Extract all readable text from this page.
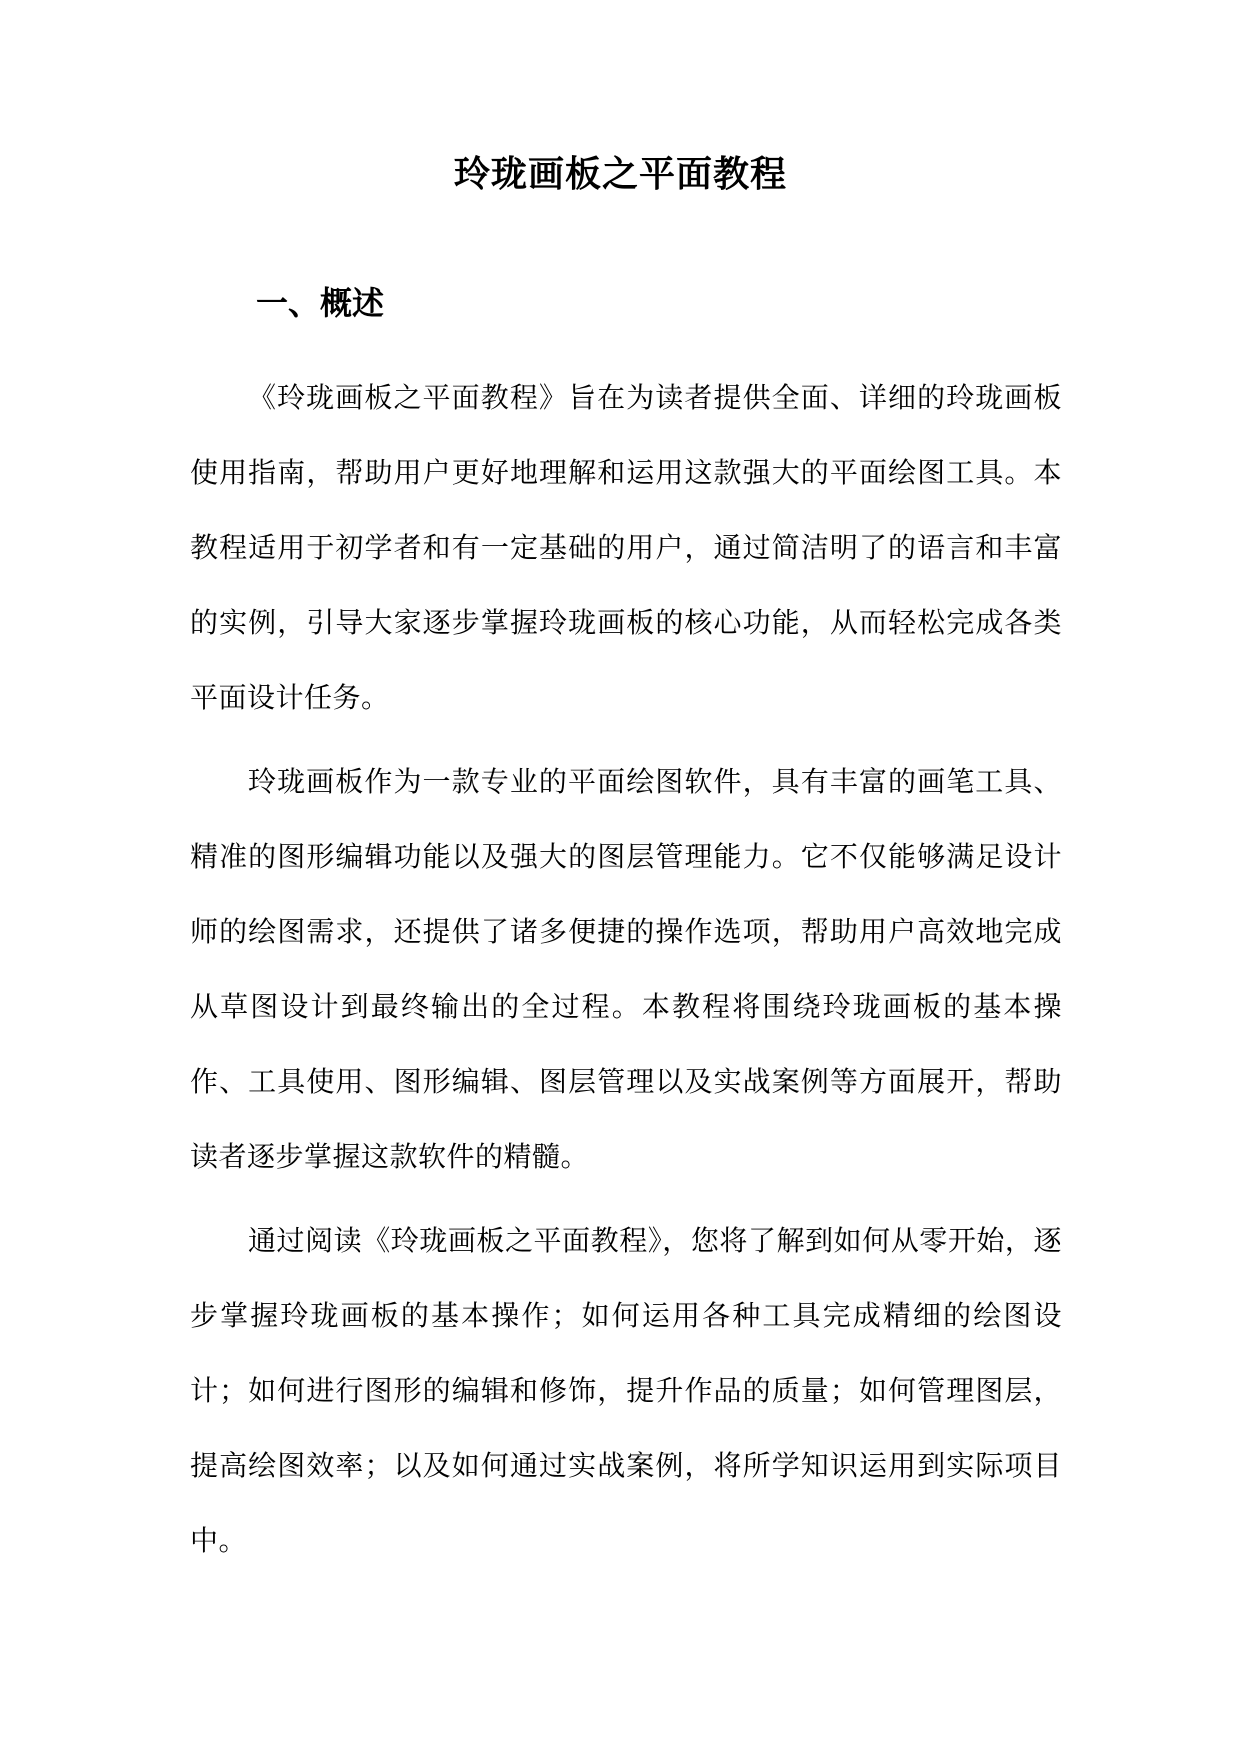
玲珑画板之平面教程
一、概述

《玲珑画板之平面教程》旨在为读者提供全面、详细的玲珑画板使用指南，帮助用户更好地理解和运用这款强大的平面绘图工具。本教程适用于初学者和有一定基础的用户，通过简洁明了的语言和丰富的实例，引导大家逐步掌握玲珑画板的核心功能，从而轻松完成各类平面设计任务。

玲珑画板作为一款专业的平面绘图软件，具有丰富的画笔工具、精准的图形编辑功能以及强大的图层管理能力。它不仅能够满足设计师的绘图需求，还提供了诸多便捷的操作选项，帮助用户高效地完成从草图设计到最终输出的全过程。本教程将围绕玲珑画板的基本操作、工具使用、图形编辑、图层管理以及实战案例等方面展开，帮助读者逐步掌握这款软件的精髓。

通过阅读《玲珑画板之平面教程》，您将了解到如何从零开始，逐步掌握玲珑画板的基本操作；如何运用各种工具完成精细的绘图设计；如何进行图形的编辑和修饰，提升作品的质量；如何管理图层，提高绘图效率；以及如何通过实战案例，将所学知识运用到实际项目中。
